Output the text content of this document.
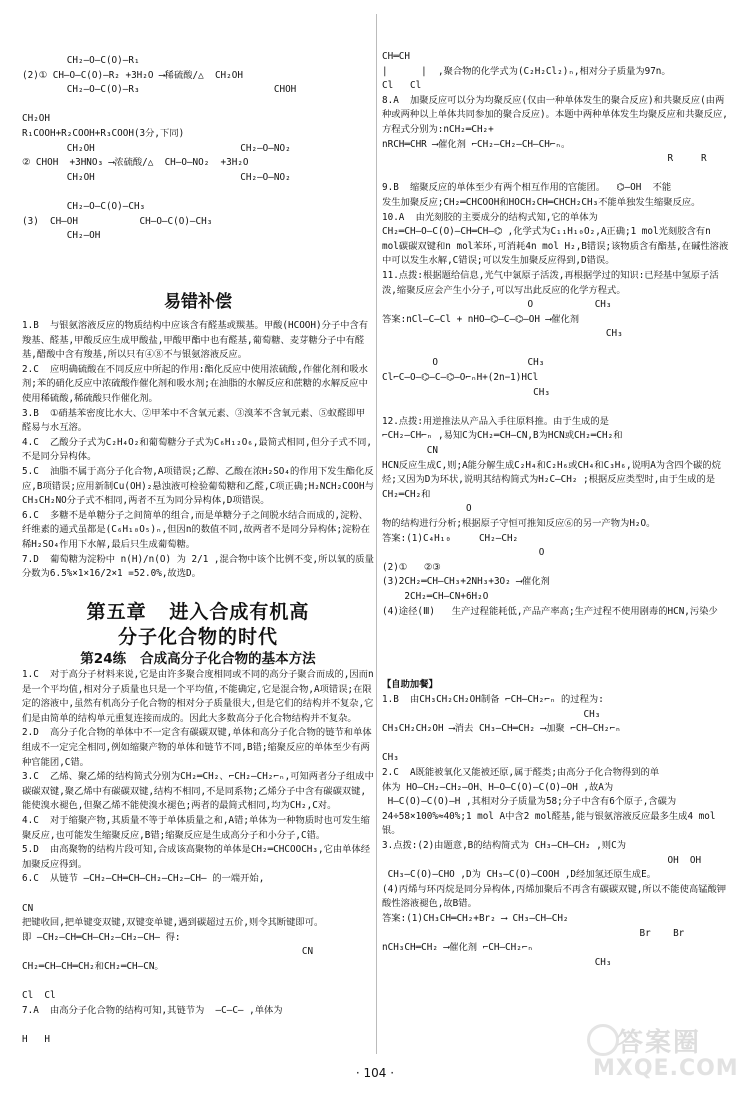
CH₂—O—C(O)—R₁
(2)① CH—O—C(O)—R₂ +3H₂O ⟶稀硫酸/△  CH₂OH
CH₂—O—C(O)—R₃                        CHOH
CH₂OH
R₁COOH+R₂COOH+R₃COOH(3分,下同)
CH₂OH                          CH₂—O—NO₂
② CHOH  +3HNO₃ ⟶浓硫酸/△  CH—O—NO₂  +3H₂O
CH₂OH                          CH₂—O—NO₂

CH₂—O—C(O)—CH₃
(3)  CH—OH           CH—O—C(O)—CH₃
CH₂—OH
易错补偿
1.B  与银氨溶液反应的物质结构中应该含有醛基或羰基。甲酸(HCOOH)分子中含有羧基、醛基,甲酸反应生成甲酸盐,甲酸甲酯中也有醛基,葡萄糖、麦芽糖分子中有醛基,醋酸中含有羧基,所以只有④⑧不与银氨溶液反应。
2.C  应明确硫酸在不同反应中所起的作用:酯化反应中使用浓硫酸,作催化剂和吸水剂;苯的硝化反应中浓硫酸作催化剂和吸水剂;在油脂的水解反应和蔗糖的水解反应中使用稀硫酸,稀硫酸只作催化剂。
3.B  ①硝基苯密度比水大、②甲苯中不含氧元素、③溴苯不含氧元素、⑤蚁醛即甲醛易与水互溶。
4.C  乙酸分子式为C₂H₄O₂和葡萄糖分子式为C₆H₁₂O₆,最简式相同,但分子式不同,不是同分异构体。
5.C  油脂不属于高分子化合物,A项错误;乙醇、乙酸在浓H₂SO₄的作用下发生酯化反应,B项错误;应用新制Cu(OH)₂悬浊液可检验葡萄糖和乙醛,C项正确;H₂NCH₂COOH与CH₃CH₂NO分子式不相同,两者不互为同分异构体,D项错误。
6.C  多糖不是单糖分子之间简单的组合,而是单糖分子之间脱水结合而成的,淀粉、纤维素的通式虽都是(C₆H₁₀O₅)ₙ,但因n的数值不同,故两者不是同分异构体;淀粉在稀H₂SO₄作用下水解,最后只生成葡萄糖。
7.D  葡萄糖为淀粉中 n(H)/n(O) 为 2/1 ,混合物中该个比例不变,所以氧的质量分数为6.5%×1×16/2×1 =52.0%,故选D。
第五章   进入合成有机高
分子化合物的时代
第24练   合成高分子化合物的基本方法
1.C  对于高分子材料来说,它是由许多聚合度相同或不同的高分子聚合而成的,因而n是一个平均值,相对分子质量也只是一个平均值,不能确定,它是混合物,A项错误;在限定的溶液中,虽然有机高分子化合物的相对分子质量很大,但是它们的结构并不复杂,它们是由简单的结构单元重复连接而成的。因此大多数高分子化合物结构并不复杂。
2.D  高分子化合物的单体中不一定含有碳碳双键,单体和高分子化合物的链节和单体组成不一定完全相同,例如缩聚产物的单体和链节不同,B错;缩聚反应的单体至少有两种官能团,C错。
3.C  乙烯、聚乙烯的结构简式分别为CH₂═CH₂、⌐CH₂—CH₂⌐ₙ,可知两者分子组成中碳碳双键,聚乙烯中有碳碳双键,结构不相同,不是同系物;乙烯分子中含有碳碳双键,能使溴水褪色,但聚乙烯不能使溴水褪色;两者的最简式相同,均为CH₂,C对。
4.C  对于缩聚产物,其质量不等于单体质量之和,A错;单体为一种物质时也可发生缩聚反应,也可能发生缩聚反应,B错;缩聚反应是生成高分子和小分子,C错。
5.D  由高聚物的结构片段可知,合成该高聚物的单体是CH₂═CHCOOCH₃,它由单体经加聚反应得到。
6.C  从链节 —CH₂—CH═CH—CH₂—CH₂—CH— 的一端开始,
CN
把键收回,把单键变双键,双键变单键,遇到碳超过五价,则令其断键即可。
即 —CH₂—CH═CH—CH₂—CH₂—CH— 得:
CN
CH₂═CH—CH═CH₂和CH₂═CH—CN。
Cl  Cl
7.A  由高分子化合物的结构可知,其链节为  —C—C— ,单体为
H   H
CH═CH
|      |  ,聚合物的化学式为(C₂H₂Cl₂)ₙ,相对分子质量为97n。
Cl   Cl
8.A  加聚反应可以分为均聚反应(仅由一种单体发生的聚合反应)和共聚反应(由两种或两种以上单体共同参加的聚合反应)。本题中两种单体发生均聚反应和共聚反应,方程式分别为:nCH₂═CH₂+
nRCH═CHR ⟶催化剂 ⌐CH₂—CH₂—CH—CH⌐ₙ。
R     R

9.B  缩聚反应的单体至少有两个相互作用的官能团。  ⌬—OH  不能
发生加聚反应;CH₂═CHCOOH和HOCH₂CH═CHCH₂CH₃不能单独发生缩聚反应。
10.A  由光刻胶的主要成分的结构式知,它的单体为
CH₂═CH—O—C(O)—CH═CH—⌬ ,化学式为C₁₁H₁₀O₂,A正确;1 mol光刻胶含有n mol碳碳双键和n mol苯环,可消耗4n mol H₂,B错误;该物质含有酯基,在碱性溶液中可以发生水解,C错误;可以发生加聚反应得到,D错误。
11.点拨:根据题给信息,光气中氯原子活泼,再根据学过的知识:已羟基中氢原子活泼,缩聚反应会产生小分子,可以写出此反应的化学方程式。
O           CH₃
答案:nCl—C—Cl + nHO—⌬—C—⌬—OH ⟶催化剂
CH₃

O                CH₃
Cl⌐C—O—⌬—C—⌬—O⌐ₙH+(2n−1)HCl
CH₃

12.点拨:用逆推法从产品入手往原料推。由于生成的是
⌐CH₂—CH⌐ₙ ,易知C为CH₂═CH—CN,B为HCN或CH₂═CH₂和
CN
HCN反应生成C,则;A能分解生成C₂H₄和C₂H₆或CH₄和C₃H₆,说明A为含四个碳的烷烃;又因为D为环状,说明其结构简式为H₂C—CH₂ ;根据反应类型时,由于生成的是CH₂═CH₂和
O
物的结构进行分析;根据原子守恒可推知反应⑥的另一产物为H₂O。
答案:(1)C₄H₁₀     CH₂—CH₂
O
(2)①   ②③
(3)2CH₂═CH—CH₃+2NH₃+3O₂ ⟶催化剂
2CH₂═CH—CN+6H₂O
(4)途径(Ⅲ)   生产过程能耗低,产品产率高;生产过程不使用剧毒的HCN,污染少
【自助加餐】
1.B  由CH₃CH₂CH₂OH制备 ⌐CH—CH₂⌐ₙ 的过程为:
CH₃
CH₃CH₂CH₂OH ⟶消去 CH₃—CH═CH₂ ⟶加聚 ⌐CH—CH₂⌐ₙ
CH₃
2.C  A既能被氧化又能被还原,属于醛类;由高分子化合物得到的单
体为 HO—CH₂—CH₂—OH、H—O—C(O)—C(O)—OH ,故A为
H—C(O)—C(O)—H ,其相对分子质量为58;分子中含有6个原子,含碳为24÷58×100%≈40%;1 mol A中含2 mol醛基,能与银氨溶液反应最多生成4 mol银。
3.点拨:(2)由题意,B的结构简式为 CH₃—CH—CH₂ ,则C为
OH  OH
CH₃—C(O)—CHO ,D为 CH₃—C(O)—COOH ,D经加氢还原生成E。
(4)丙烯与环丙烷是同分异构体,丙烯加聚后不再含有碳碳双键,所以不能使高锰酸钾酸性溶液褪色,故B错。
答案:(1)CH₃CH═CH₂+Br₂ ⟶ CH₃—CH—CH₂
Br    Br
nCH₃CH═CH₂ ⟶催化剂 ⌐CH—CH₂⌐ₙ
CH₃
· 104 ·
答案圈
MXQE.COM
